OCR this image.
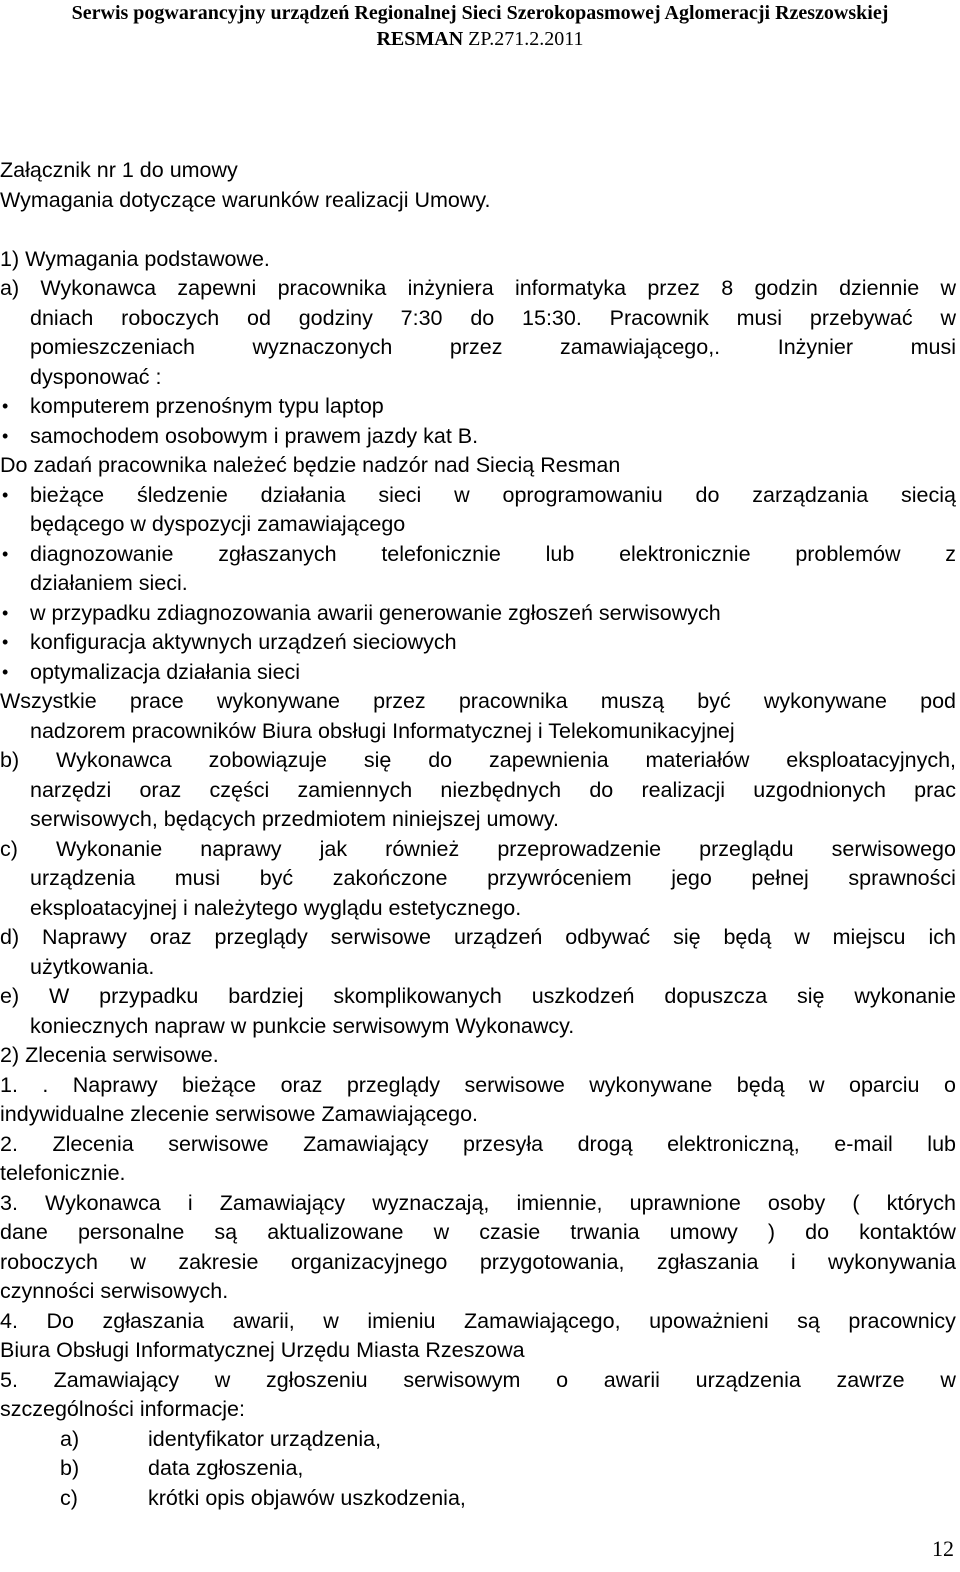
Serwis pogwarancyjny urządzeń Regionalnej Sieci Szerokopasmowej Aglomeracji Rzeszowskiej
RESMAN ZP.271.2.2011
Załącznik nr 1 do umowy
Wymagania dotyczące warunków realizacji Umowy.
1) Wymagania podstawowe.
a) Wykonawca zapewni pracownika inżyniera informatyka przez 8 godzin dziennie w
dniach roboczych od godziny 7:30 do 15:30. Pracownik musi przebywać w
pomieszczeniach	wyznaczonych	przez	zamawiającego,.	Inżynier	musi
dysponować :
• komputerem przenośnym typu laptop
• samochodem osobowym i prawem jazdy kat B.
Do zadań pracownika należeć będzie nadzór nad Siecią Resman
• bieżące śledzenie działania sieci w oprogramowaniu do zarządzania siecią
będącego w dyspozycji zamawiającego
• diagnozowanie zgłaszanych telefonicznie lub elektronicznie problemów z
działaniem sieci.
• w przypadku zdiagnozowania awarii generowanie zgłoszeń serwisowych
• konfiguracja aktywnych urządzeń sieciowych
• optymalizacja działania sieci
Wszystkie prace wykonywane przez pracownika muszą być wykonywane pod
nadzorem pracowników Biura obsługi Informatycznej i Telekomunikacyjnej
b) Wykonawca zobowiązuje się do zapewnienia materiałów eksploatacyjnych,
narzędzi oraz części zamiennych niezbędnych do realizacji uzgodnionych prac
serwisowych, będących przedmiotem niniejszej umowy.
c) Wykonanie naprawy jak również przeprowadzenie przeglądu serwisowego
urządzenia musi być zakończone przywróceniem jego pełnej sprawności
eksploatacyjnej i należytego wyglądu estetycznego.
d) Naprawy oraz przeglądy serwisowe urządzeń odbywać się będą w miejscu ich
użytkowania.
e) W przypadku bardziej skomplikowanych uszkodzeń dopuszcza się wykonanie
koniecznych napraw w punkcie serwisowym Wykonawcy.
2) Zlecenia serwisowe.
1. . Naprawy bieżące oraz przeglądy serwisowe wykonywane będą w oparciu o
indywidualne zlecenie serwisowe Zamawiającego.
2. Zlecenia serwisowe Zamawiający przesyła drogą elektroniczną, e-mail lub
telefonicznie.
3. Wykonawca i Zamawiający wyznaczają, imiennie, uprawnione osoby ( których
dane personalne są aktualizowane w czasie trwania umowy ) do kontaktów
roboczych w zakresie organizacyjnego przygotowania, zgłaszania i wykonywania
czynności serwisowych.
4. Do zgłaszania awarii, w imieniu Zamawiającego, upoważnieni są pracownicy
Biura Obsługi Informatycznej Urzędu Miasta Rzeszowa
5. Zamawiający w zgłoszeniu serwisowym o awarii urządzenia zawrze w
szczególności informacje:
a)	identyfikator urządzenia,
b)	data zgłoszenia,
c)	krótki opis objawów uszkodzenia,
12
